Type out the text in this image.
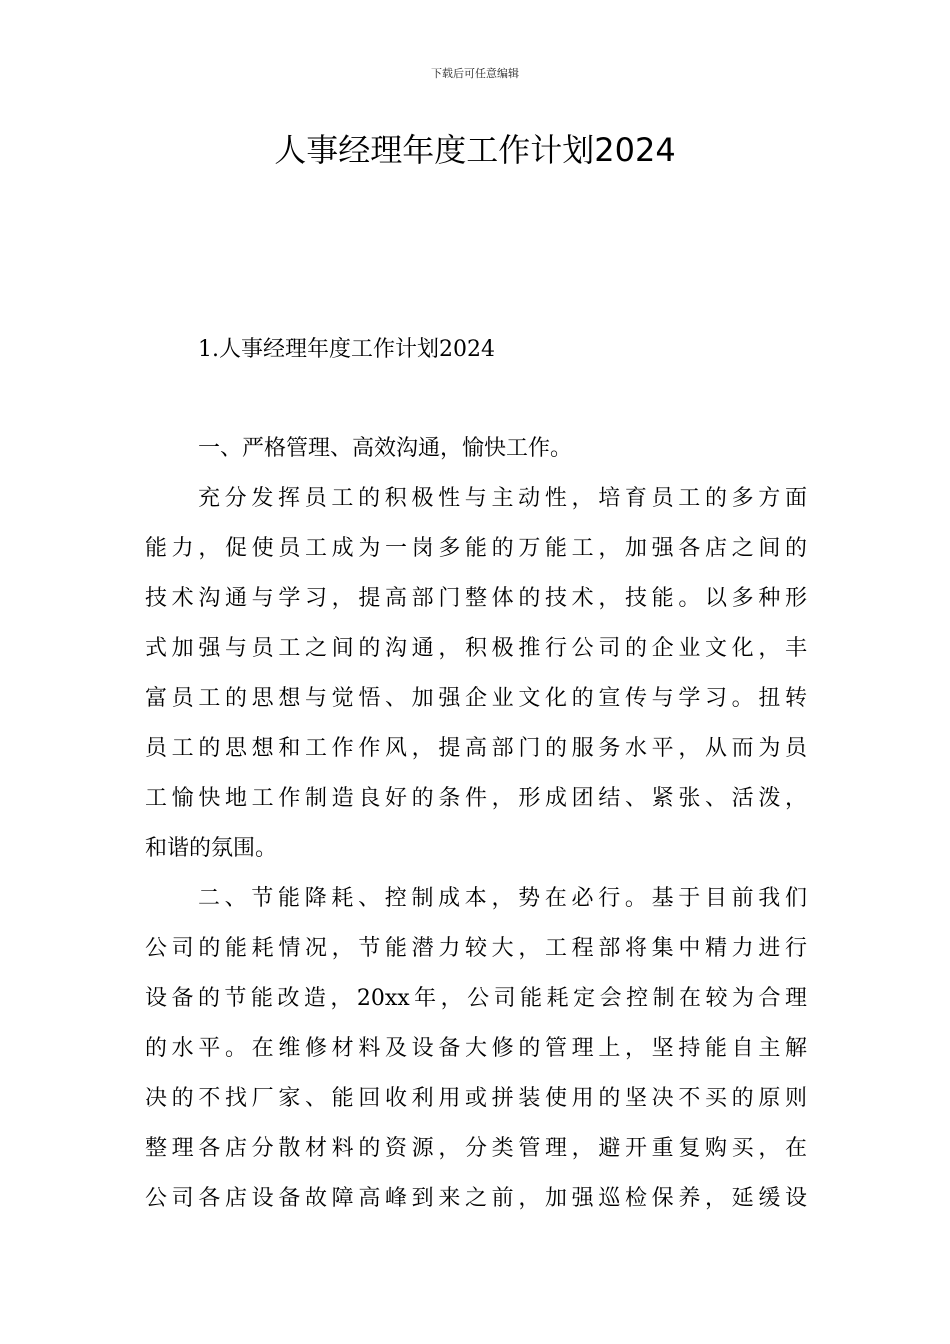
下载后可任意编辑
人事经理年度工作计划2024
1.人事经理年度工作计划2024
一、严格管理、高效沟通，愉快工作。
充分发挥员工的积极性与主动性，培育员工的多方面
能力，促使员工成为一岗多能的万能工，加强各店之间的
技术沟通与学习，提高部门整体的技术，技能。以多种形
式加强与员工之间的沟通，积极推行公司的企业文化，丰
富员工的思想与觉悟、加强企业文化的宣传与学习。扭转
员工的思想和工作作风，提高部门的服务水平，从而为员
工愉快地工作制造良好的条件，形成团结、紧张、活泼，
和谐的氛围。
二、节能降耗、控制成本，势在必行。基于目前我们
公司的能耗情况，节能潜力较大，工程部将集中精力进行
设备的节能改造，20xx年，公司能耗定会控制在较为合理
的水平。在维修材料及设备大修的管理上，坚持能自主解
决的不找厂家、能回收利用或拼装使用的坚决不买的原则
整理各店分散材料的资源，分类管理，避开重复购买，在
公司各店设备故障高峰到来之前，加强巡检保养，延缓设
